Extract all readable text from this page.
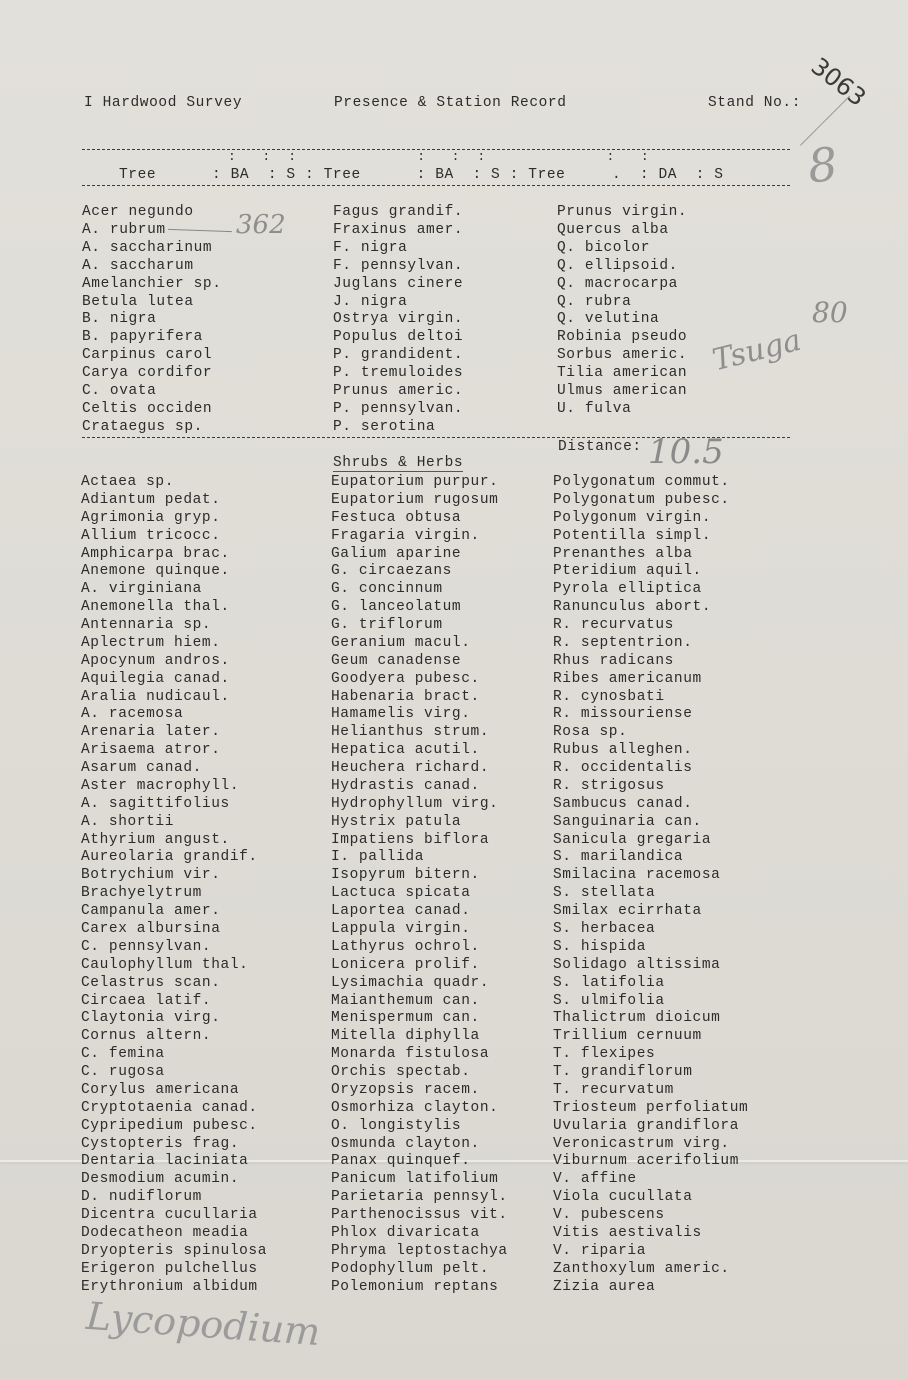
I Hardwood Survey	Presence & Station Record	Stand No.: 3063
:   :  :              :   :  :              :   :
Tree      : BA  : S : Tree      : BA  : S : Tree     .  : DA  : S 8
Acer negundo
A. rubrum
A. saccharinum
A. saccharum
Amelanchier sp.
Betula lutea
B. nigra
B. papyrifera
Carpinus carol
Carya cordifor
C. ovata
Celtis occiden
Crataegus sp.
Fagus grandif.
Fraxinus amer.
F. nigra
F. pennsylvan.
Juglans cinere
J. nigra
Ostrya virgin.
Populus deltoi
P. grandident.
P. tremuloides
Prunus americ.
P. pennsylvan.
P. serotina
Prunus virgin.
Quercus alba
Q. bicolor
Q. ellipsoid.
Q. macrocarpa
Q. rubra
Q. velutina
Robinia pseudo
Sorbus americ.
Tilia american
Ulmus american
U. fulva
362
Tsuga
80
Distance: 10.5
Shrubs & Herbs
Actaea sp.
Adiantum pedat.
Agrimonia gryp.
Allium tricocc.
Amphicarpa brac.
Anemone quinque.
A. virginiana
Anemonella thal.
Antennaria sp.
Aplectrum hiem.
Apocynum andros.
Aquilegia canad.
Aralia nudicaul.
A. racemosa
Arenaria later.
Arisaema atror.
Asarum canad.
Aster macrophyll.
A. sagittifolius
A. shortii
Athyrium angust.
Aureolaria grandif.
Botrychium vir.
Brachyelytrum
Campanula amer.
Carex albursina
C. pennsylvan.
Caulophyllum thal.
Celastrus scan.
Circaea latif.
Claytonia virg.
Cornus altern.
C. femina
C. rugosa
Corylus americana
Cryptotaenia canad.
Cypripedium pubesc.
Cystopteris frag.
Dentaria laciniata
Desmodium acumin.
D. nudiflorum
Dicentra cucullaria
Dodecatheon meadia
Dryopteris spinulosa
Erigeron pulchellus
Erythronium albidum
Eupatorium purpur.
Eupatorium rugosum
Festuca obtusa
Fragaria virgin.
Galium aparine
G. circaezans
G. concinnum
G. lanceolatum
G. triflorum
Geranium macul.
Geum canadense
Goodyera pubesc.
Habenaria bract.
Hamamelis virg.
Helianthus strum.
Hepatica acutil.
Heuchera richard.
Hydrastis canad.
Hydrophyllum virg.
Hystrix patula
Impatiens biflora
I. pallida
Isopyrum bitern.
Lactuca spicata
Laportea canad.
Lappula virgin.
Lathyrus ochrol.
Lonicera prolif.
Lysimachia quadr.
Maianthemum can.
Menispermum can.
Mitella diphylla
Monarda fistulosa
Orchis spectab.
Oryzopsis racem.
Osmorhiza clayton.
O. longistylis
Osmunda clayton.
Panax quinquef.
Panicum latifolium
Parietaria pennsyl.
Parthenocissus vit.
Phlox divaricata
Phryma leptostachya
Podophyllum pelt.
Polemonium reptans
Polygonatum commut.
Polygonatum pubesc.
Polygonum virgin.
Potentilla simpl.
Prenanthes alba
Pteridium aquil.
Pyrola elliptica
Ranunculus abort.
R. recurvatus
R. septentrion.
Rhus radicans
Ribes americanum
R. cynosbati
R. missouriense
Rosa sp.
Rubus alleghen.
R. occidentalis
R. strigosus
Sambucus canad.
Sanguinaria can.
Sanicula gregaria
S. marilandica
Smilacina racemosa
S. stellata
Smilax ecirrhata
S. herbacea
S. hispida
Solidago altissima
S. latifolia
S. ulmifolia
Thalictrum dioicum
Trillium cernuum
T. flexipes
T. grandiflorum
T. recurvatum
Triosteum perfoliatum
Uvularia grandiflora
Veronicastrum virg.
Viburnum acerifolium
V. affine
Viola cucullata
V. pubescens
Vitis aestivalis
V. riparia
Zanthoxylum americ.
Zizia aurea
Lycopodium
